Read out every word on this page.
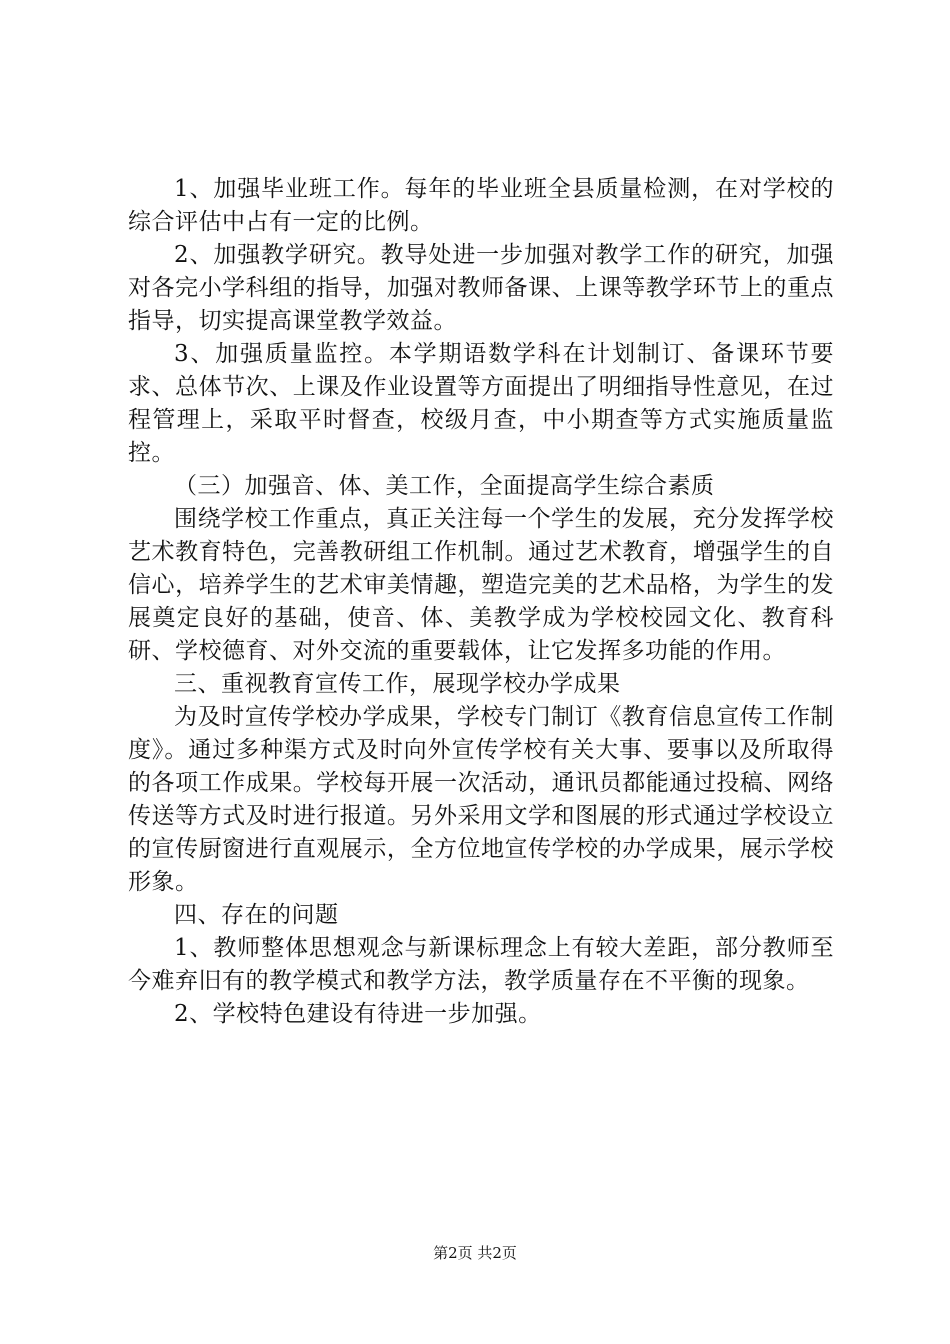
1、加强毕业班工作。每年的毕业班全县质量检测，在对学校的综合评估中占有一定的比例。

2、加强教学研究。教导处进一步加强对教学工作的研究，加强对各完小学科组的指导，加强对教师备课、上课等教学环节上的重点指导，切实提高课堂教学效益。

3、加强质量监控。本学期语数学科在计划制订、备课环节要求、总体节次、上课及作业设置等方面提出了明细指导性意见，在过程管理上，采取平时督查，校级月查，中小期查等方式实施质量监控。

（三）加强音、体、美工作，全面提高学生综合素质

围绕学校工作重点，真正关注每一个学生的发展，充分发挥学校艺术教育特色，完善教研组工作机制。通过艺术教育，增强学生的自信心，培养学生的艺术审美情趣，塑造完美的艺术品格，为学生的发展奠定良好的基础，使音、体、美教学成为学校校园文化、教育科研、学校德育、对外交流的重要载体，让它发挥多功能的作用。

三、重视教育宣传工作，展现学校办学成果

为及时宣传学校办学成果，学校专门制订《教育信息宣传工作制度》。通过多种渠方式及时向外宣传学校有关大事、要事以及所取得的各项工作成果。学校每开展一次活动，通讯员都能通过投稿、网络传送等方式及时进行报道。另外采用文学和图展的形式通过学校设立的宣传厨窗进行直观展示，全方位地宣传学校的办学成果，展示学校形象。

四、存在的问题

1、教师整体思想观念与新课标理念上有较大差距，部分教师至今难弃旧有的教学模式和教学方法，教学质量存在不平衡的现象。

2、学校特色建设有待进一步加强。

第2页 共2页
